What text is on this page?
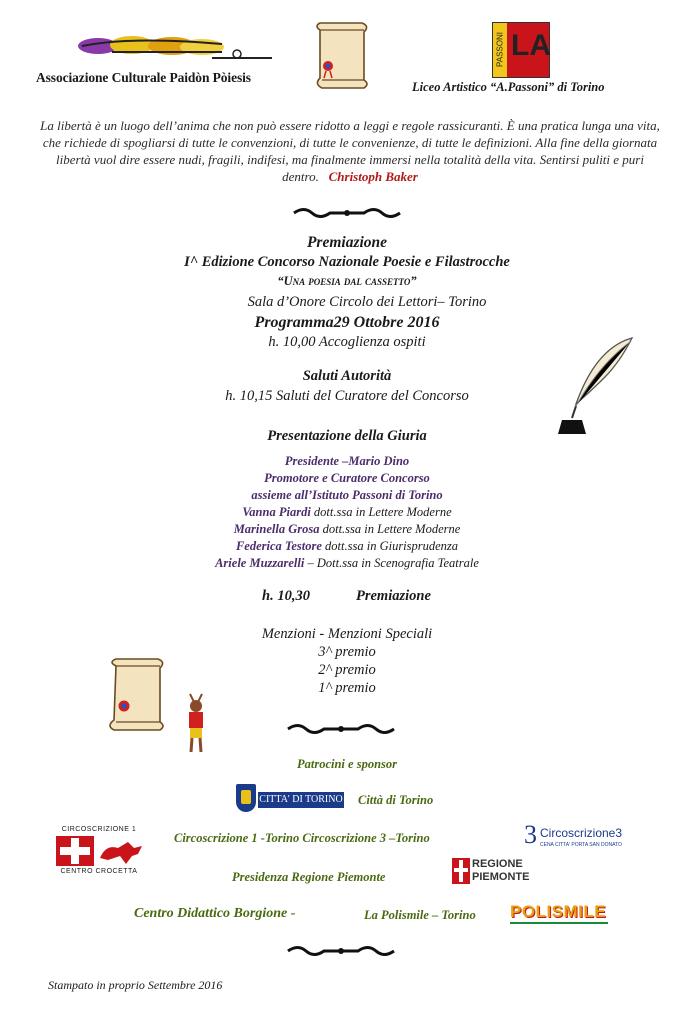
Associazione Culturale Paidòn Pòiesis
PASSONI LA
Liceo Artistico “A.Passoni” di Torino
La libertà è un luogo dell’anima che non può essere ridotto a leggi e regole rassicuranti. È una pratica lunga una vita, che richiede di spogliarsi di tutte le convenzioni, di tutte le convenienze, di tutte le definizioni. Alla fine della giornata libertà vuol dire essere nudi, fragili, indifesi, ma finalmente immersi nella totalità della vita. Sentirsi puliti e puri dentro. Christoph Baker
Premiazione
I^ Edizione Concorso Nazionale Poesie e Filastrocche
“Una poesia dal cassetto”
Sala d’Onore Circolo dei Lettori– Torino
Programma29 Ottobre 2016
h. 10,00 Accoglienza ospiti
Saluti Autorità
h. 10,15 Saluti del Curatore del Concorso
Presentazione della Giuria
Presidente –Mario Dino
Promotore e Curatore Concorso
assieme all’Istituto Passoni di Torino
Vanna Piardi dott.ssa in Lettere Moderne
Marinella Grosa dott.ssa in Lettere Moderne
Federica Testore dott.ssa in Giurisprudenza
Ariele Muzzarelli – Dott.ssa in Scenografia Teatrale
h. 10,30	Premiazione
Menzioni - Menzioni Speciali
3^ premio
2^ premio
1^ premio
Patrocini e sponsor
CITTA' DI TORINO Città di Torino
CIRCOSCRIZIONE 1
CENTRO CROCETTA
Circoscrizione 1 -Torino Circoscrizione 3 –Torino	3 Circoscrizione3
CENA CITTA' PORTA SAN DONATO
Presidenza Regione Piemonte
REGIONE
PIEMONTE
Centro Didattico Borgione -	La Polismile – Torino POLISMILE
Stampato in proprio Settembre 2016
